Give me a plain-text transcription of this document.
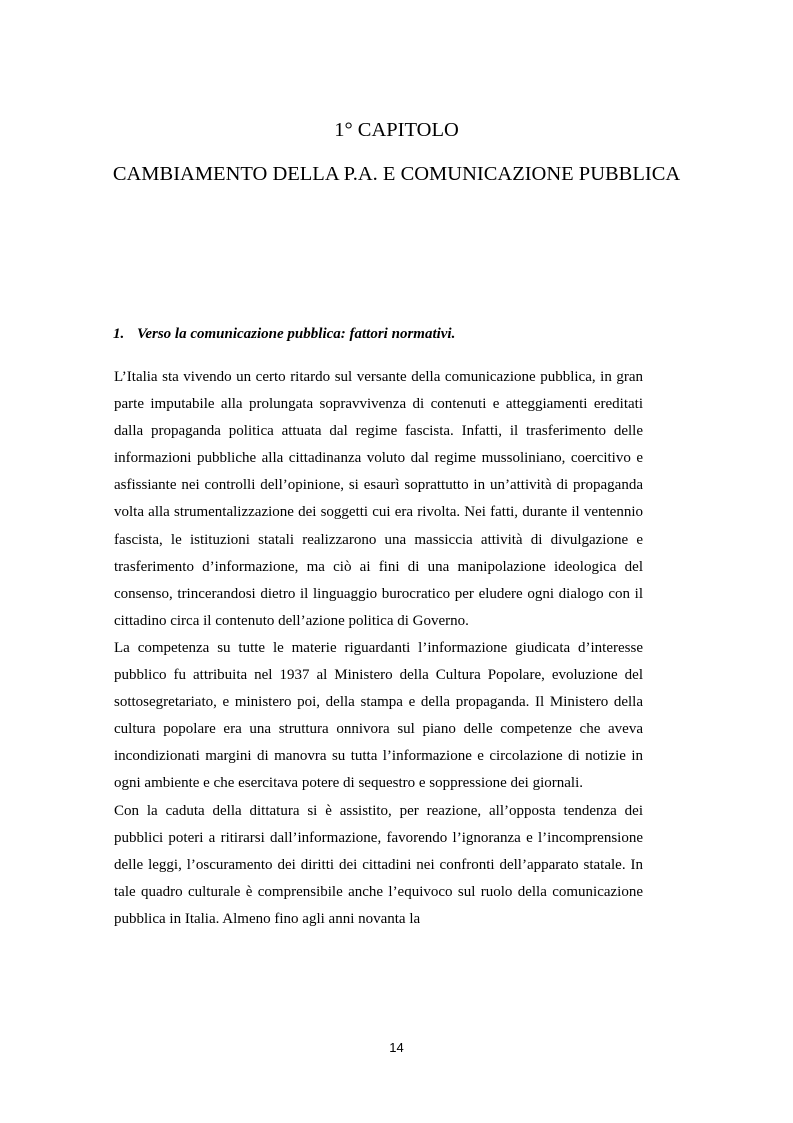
1° CAPITOLO
CAMBIAMENTO DELLA P.A. E COMUNICAZIONE PUBBLICA
1. Verso la comunicazione pubblica: fattori normativi.

L’Italia sta vivendo un certo ritardo sul versante della comunicazione pubblica, in gran parte imputabile alla prolungata sopravvivenza di contenuti e atteggiamenti ereditati dalla propaganda politica attuata dal regime fascista. Infatti, il trasferimento delle informazioni pubbliche alla cittadinanza voluto dal regime mussoliniano, coercitivo e asfissiante nei controlli dell’opinione, si esaurì soprattutto in un’attività di propaganda volta alla strumentalizzazione dei soggetti cui era rivolta. Nei fatti, durante il ventennio fascista, le istituzioni statali realizzarono una massiccia attività di divulgazione e trasferimento d’informazione, ma ciò ai fini di una manipolazione ideologica del consenso, trincerandosi dietro il linguaggio burocratico per eludere ogni dialogo con il cittadino circa il contenuto dell’azione politica di Governo.

La competenza su tutte le materie riguardanti l’informazione giudicata d’interesse pubblico fu attribuita nel 1937 al Ministero della Cultura Popolare, evoluzione del sottosegretariato, e ministero poi, della stampa e della propaganda. Il Ministero della cultura popolare era una struttura onnivora sul piano delle competenze che aveva incondizionati margini di manovra su tutta l’informazione e circolazione di notizie in ogni ambiente e che esercitava potere di sequestro e soppressione dei giornali.

Con la caduta della dittatura si è assistito, per reazione, all’opposta tendenza dei pubblici poteri a ritirarsi dall’informazione, favorendo l’ignoranza e l’incomprensione delle leggi, l’oscuramento dei diritti dei cittadini nei confronti dell’apparato statale. In tale quadro culturale è comprensibile anche l’equivoco sul ruolo della comunicazione pubblica in Italia. Almeno fino agli anni novanta la

14
